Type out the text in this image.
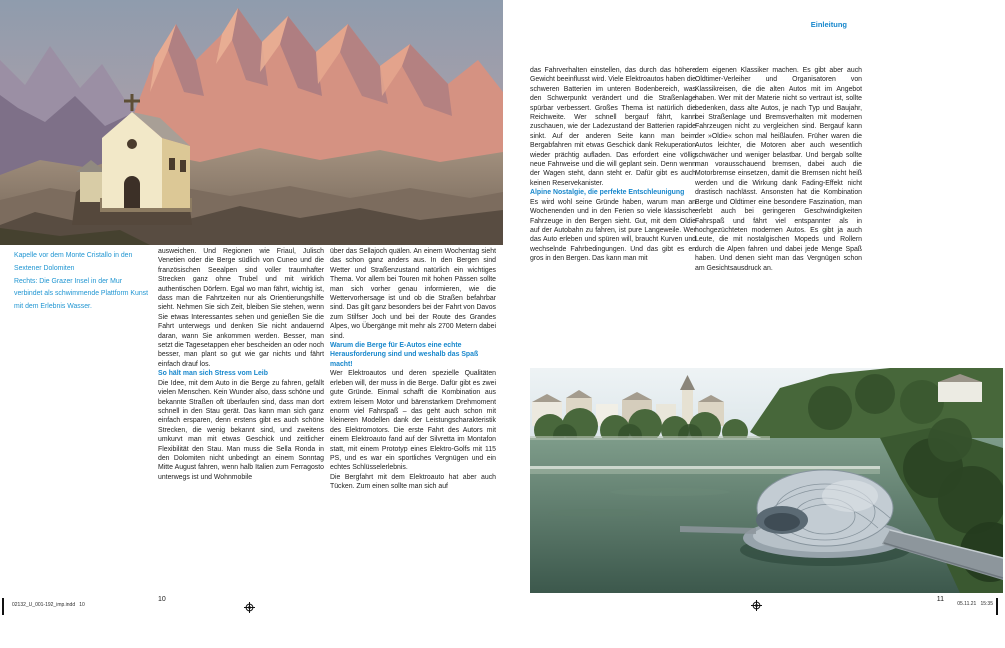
Kapelle vor dem Monte Cristallo in den Sextener Dolomiten

Rechts: Die Grazer Insel in der Mur verbindet als schwimmende Plattform Kunst mit dem Erlebnis Wasser.

ausweichen. Und Regionen wie Friaul, Julisch Venetien oder die Berge südlich von Cuneo und die französischen Seealpen sind voller traumhafter Strecken ganz ohne Trubel und mit wirklich authentischen Dörfern. Egal wo man fährt, wichtig ist, dass man die Fahrtzeiten nur als Orientierungshilfe sieht. Nehmen Sie sich Zeit, bleiben Sie stehen, wenn Sie etwas Interessantes sehen und genießen Sie die Fahrt unterwegs und denken Sie nicht andauernd daran, wann Sie ankommen werden. Besser, man setzt die Tagesetappen eher bescheiden an oder noch besser, man plant so gut wie gar nichts und fährt einfach drauf los.

So hält man sich Stress vom Leib

Die Idee, mit dem Auto in die Berge zu fahren, gefällt vielen Menschen. Kein Wunder also, dass schöne und bekannte Straßen oft überlaufen sind, dass man dort schnell in den Stau gerät. Das kann man sich ganz einfach ersparen, denn erstens gibt es auch schöne Strecken, die wenig bekannt sind, und zweitens umkurvt man mit etwas Geschick und zeitlicher Flexibilität den Stau. Man muss die Sella Ronda in den Dolomiten nicht unbedingt an einem Sonntag Mitte August fahren, wenn halb Italien zum Ferragosto unterwegs ist und Wohnmobile

über das Sellajoch quälen. An einem Wochentag sieht das schon ganz anders aus. In den Bergen sind Wetter und Straßenzustand natürlich ein wichtiges Thema. Vor allem bei Touren mit hohen Pässen sollte man sich vorher genau informieren, wie die Wettervorhersage ist und ob die Straßen befahrbar sind. Das gilt ganz besonders bei der Fahrt von Davos zum Stilfser Joch und bei der Route des Grandes Alpes, wo Übergänge mit mehr als 2700 Metern dabei sind.

Warum die Berge für E-Autos eine echte Herausforderung sind und weshalb das Spaß macht!

Wer Elektroautos und deren spezielle Qualitäten erleben will, der muss in die Berge. Dafür gibt es zwei gute Gründe. Einmal schafft die Kombination aus extrem leisem Motor und bärenstarkem Drehmoment enorm viel Fahrspaß – das geht auch schon mit kleineren Modellen dank der Leistungscharakteristik des Elektromotors. Die erste Fahrt des Autors mit einem Elektroauto fand auf der Silvretta im Montafon statt, mit einem Prototyp eines Elektro-Golfs mit 115 PS, und es war ein sportliches Vergnügen und ein echtes Schlüsselerlebnis.

Die Bergfahrt mit dem Elektroauto hat aber auch Tücken. Zum einen sollte man sich auf

10
Einleitung

das Fahrverhalten einstellen, das durch das höhere Gewicht beeinflusst wird. Viele Elektroautos haben die schweren Batterien im unteren Bodenbereich, was den Schwerpunkt verändert und die Straßenlage spürbar verbessert. Großes Thema ist natürlich die Reichweite. Wer schnell bergauf fährt, kann zuschauen, wie der Ladezustand der Batterien rapide sinkt. Auf der anderen Seite kann man beim Bergabfahren mit etwas Geschick dank Rekuperation wieder prächtig aufladen. Das erfordert eine völlig neue Fahrweise und die will geplant sein. Denn wenn der Wagen steht, dann steht er. Dafür gibt es auch keinen Reservekanister.

Alpine Nostalgie, die perfekte Entschleunigung

Es wird wohl seine Gründe haben, warum man an Wochenenden und in den Ferien so viele klassische Fahrzeuge in den Bergen sieht. Gut, mit dem Oldie auf der Autobahn zu fahren, ist pure Langeweile. Wer das Auto erleben und spüren will, braucht Kurven und wechselnde Fahrbedingungen. Und das gibt es en gros in den Bergen. Das kann man mit

dem eigenen Klassiker machen. Es gibt aber auch Oldtimer-Verleiher und Organisatoren von Klassikreisen, die die alten Autos mit im Angebot haben. Wer mit der Materie nicht so vertraut ist, sollte bedenken, dass alte Autos, je nach Typ und Baujahr, bei Straßenlage und Bremsverhalten mit modernen Fahrzeugen nicht zu vergleichen sind. Bergauf kann der »Oldie« schon mal heißlaufen. Früher waren die Autos leichter, die Motoren aber auch wesentlich schwächer und weniger belastbar. Und bergab sollte man vorausschauend bremsen, dabei auch die Motorbremse einsetzen, damit die Bremsen nicht heiß werden und die Wirkung dank Fading-Effekt nicht drastisch nachlässt. Ansonsten hat die Kombination Berge und Oldtimer eine besondere Faszination, man erlebt auch bei geringeren Geschwindigkeiten Fahrspaß und fährt viel entspannter als in hochgezüchteten modernen Autos. Es gibt ja auch Leute, die mit nostalgischen Mopeds und Rollern durch die Alpen fahren und dabei jede Menge Spaß haben. Und denen sieht man das Vergnügen schon am Gesichtsausdruck an.

11
02132_U_001-192_imp.indd   10	05.11.21   15:35
